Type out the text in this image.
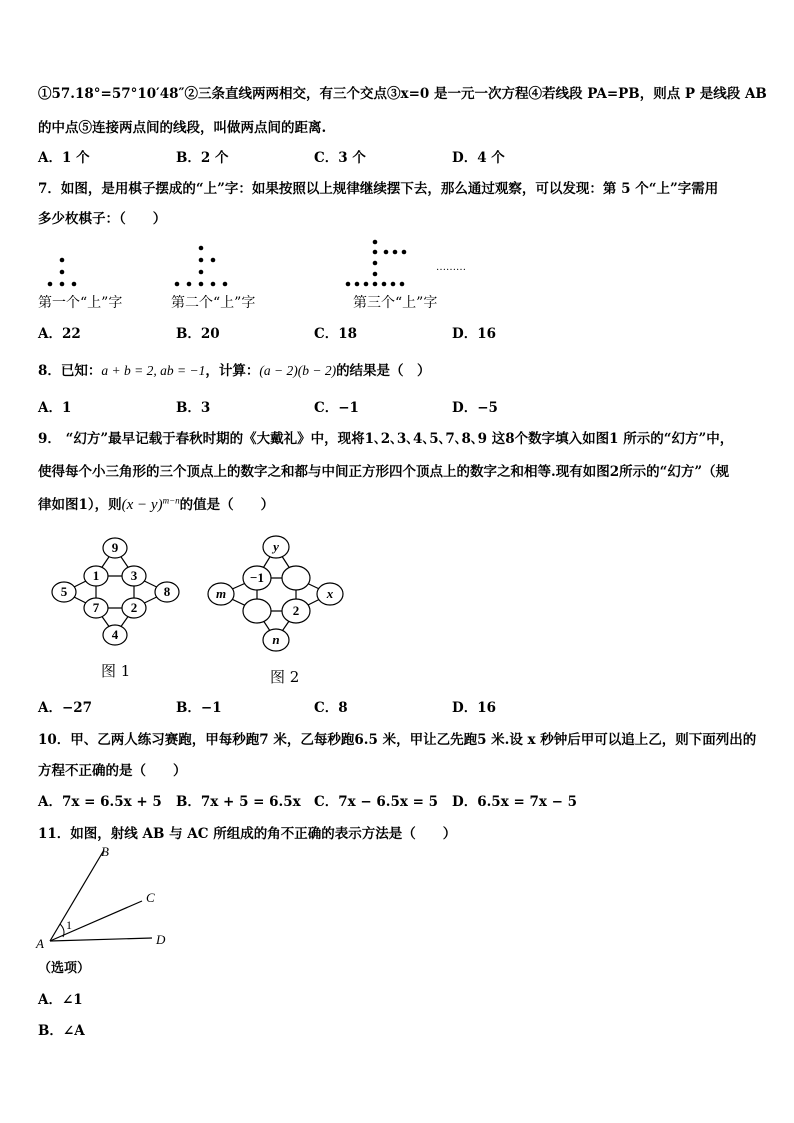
①57.18°=57°10′48″②三条直线两两相交，有三个交点③x=0 是一元一次方程④若线段 PA=PB，则点 P 是线段 AB
的中点⑤连接两点间的线段，叫做两点间的距离.
A．1 个	B．2 个	C．3 个	D．4 个
7．如图，是用棋子摆成的“上”字：如果按照以上规律继续摆下去，那么通过观察，可以发现：第 5 个“上”字需用
多少枚棋子：（　　）
………
第一个“上”字	第二个“上”字	第三个“上”字
A．22	B．20	C．18	D．16
8．已知：a + b = 2, ab = −1，计算：(a − 2)(b − 2)的结果是（　）
A．1	B．3	C．−1	D．−5
9． “幻方”最早记载于春秋时期的《大戴礼》中，现将1､2､3､4､5､7､8､9 这8个数字填入如图1 所示的“幻方”中，
使得每个小三角形的三个顶点上的数字之和都与中间正方形四个顶点上的数字之和相等.现有如图2所示的“幻方”（规
律如图1），则$(x - y)^{m-n}$的值是（　　）
9
5	8
4
1 3
7 2
y
m	x
n
−1
2
图 1	图 2
A．−27	B．−1	C．8	D．16
10．甲、乙两人练习赛跑，甲每秒跑7 米，乙每秒跑6.5 米，甲让乙先跑5 米.设 x 秒钟后甲可以追上乙，则下面列出的
方程不正确的是（　　）
A．7x = 6.5x + 5 B．7x + 5 = 6.5x C．7x − 6.5x = 5 D．6.5x = 7x − 5
11．如图，射线 AB 与 AC 所组成的角不正确的表示方法是（　　）
A
B
C
D
1
（选项）
A．∠1
B．∠A
